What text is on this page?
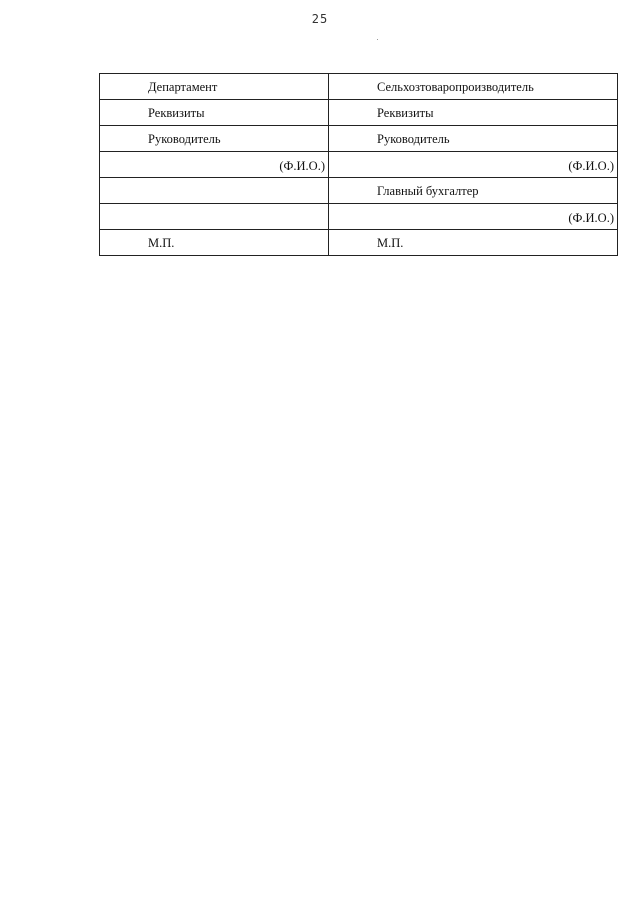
25
Департамент	Сельхозтоваропроизводитель

Реквизиты	Реквизиты

Руководитель	Руководитель

(Ф.И.О.)	(Ф.И.О.)

	Главный бухгалтер

	(Ф.И.О.)

М.П.	М.П.
